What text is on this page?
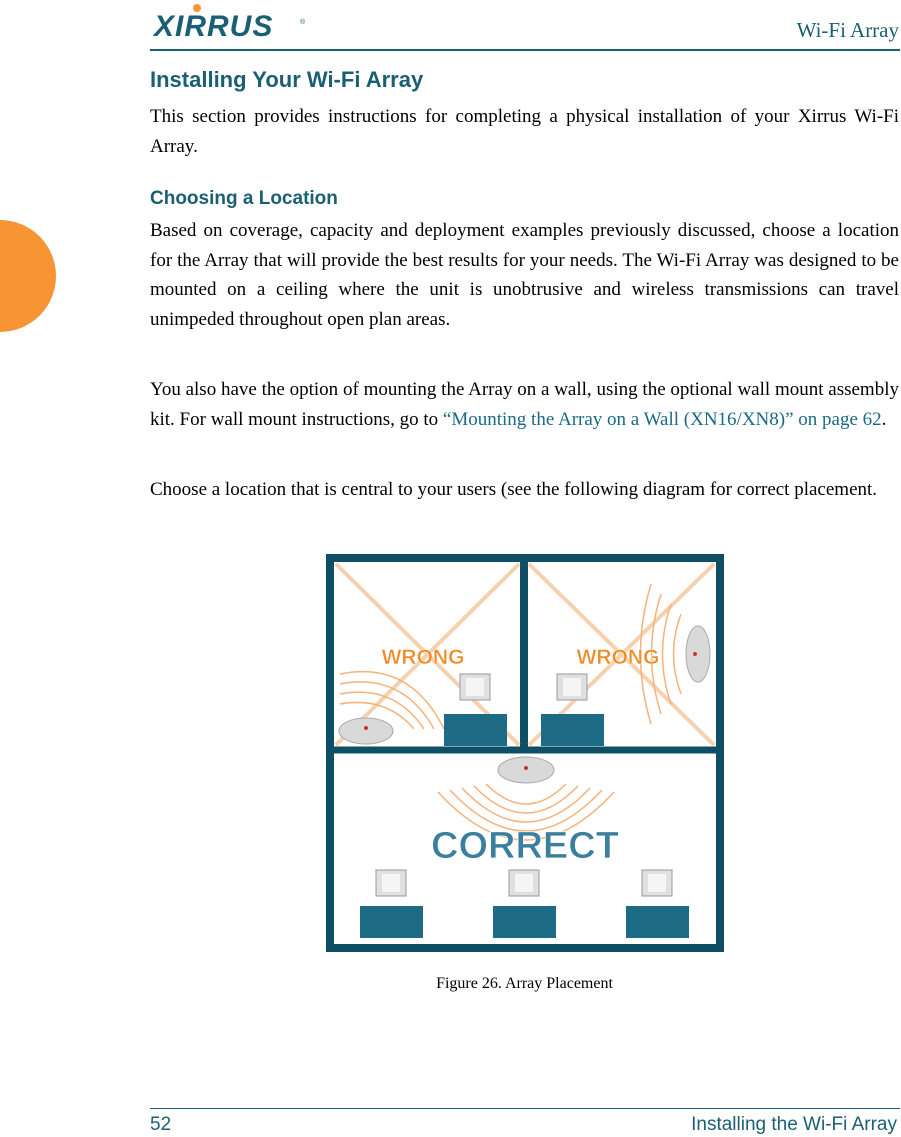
XIRRUS	®	Wi-Fi Array
Installing Your Wi-Fi Array

This section provides instructions for completing a physical installation of your Xirrus Wi-Fi Array.

Choosing a Location

Based on coverage, capacity and deployment examples previously discussed, choose a location for the Array that will provide the best results for your needs. The Wi-Fi Array was designed to be mounted on a ceiling where the unit is unobtrusive and wireless transmissions can travel unimpeded throughout open plan areas.

You also have the option of mounting the Array on a wall, using the optional wall mount assembly kit. For wall mount instructions, go to “Mounting the Array on a Wall (XN16/XN8)” on page 62.

Choose a location that is central to your users (see the following diagram for correct placement.

WRONG	WRONG
CORRECT
Figure 26. Array Placement
52	Installing the Wi-Fi Array
